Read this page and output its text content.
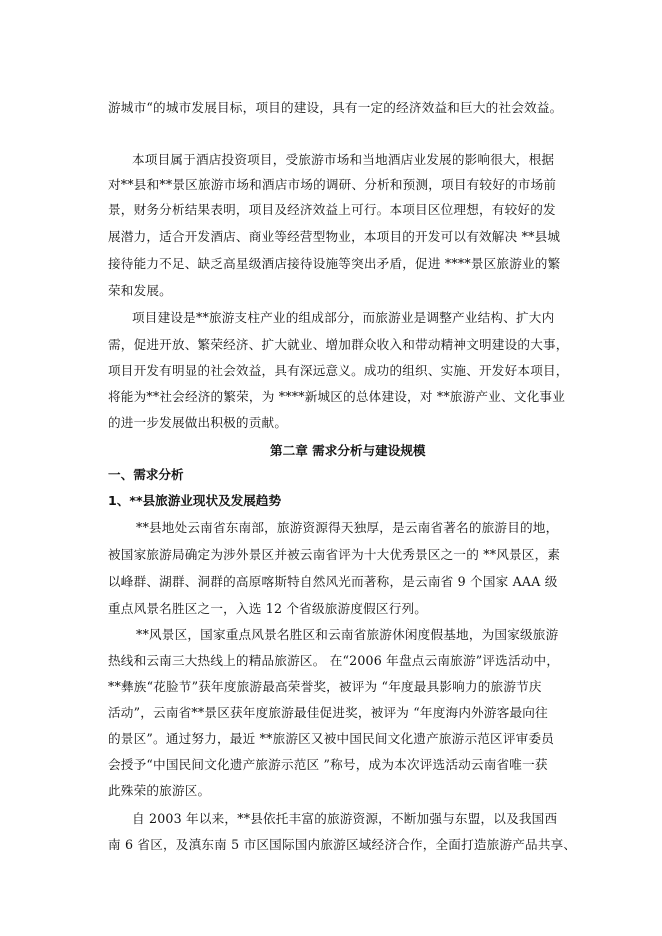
游城市“的城市发展目标，项目的建设，具有一定的经济效益和巨大的社会效益。
本项目属于酒店投资项目，受旅游市场和当地酒店业发展的影响很大，根据
对**县和**景区旅游市场和酒店市场的调研、分析和预测，项目有较好的市场前
景，财务分析结果表明，项目及经济效益上可行。本项目区位理想，有较好的发
展潜力，适合开发酒店、商业等经营型物业，本项目的开发可以有效解决 **县城
接待能力不足、缺乏高星级酒店接待设施等突出矛盾，促进 ****景区旅游业的繁
荣和发展。
项目建设是**旅游支柱产业的组成部分，而旅游业是调整产业结构、扩大内
需，促进开放、繁荣经济、扩大就业、增加群众收入和带动精神文明建设的大事，
项目开发有明显的社会效益，具有深远意义。成功的组织、实施、开发好本项目，
将能为**社会经济的繁荣，为 ****新城区的总体建设，对 **旅游产业、文化事业
的进一步发展做出积极的贡献。
第二章 需求分析与建设规模
一、需求分析
1、**县旅游业现状及发展趋势
**县地处云南省东南部，旅游资源得天独厚，是云南省著名的旅游目的地，
被国家旅游局确定为涉外景区并被云南省评为十大优秀景区之一的 **风景区，素
以峰群、湖群、洞群的高原喀斯特自然风光而著称，是云南省 9 个国家 AAA 级
重点风景名胜区之一，入选 12 个省级旅游度假区行列。
**风景区，国家重点风景名胜区和云南省旅游休闲度假基地，为国家级旅游
热线和云南三大热线上的精品旅游区。 在“2006 年盘点云南旅游”评选活动中，
**彝族“花脸节”获年度旅游最高荣誉奖，被评为 “年度最具影响力的旅游节庆
活动”，云南省**景区获年度旅游最佳促进奖，被评为 “年度海内外游客最向往
的景区”。通过努力，最近 **旅游区又被中国民间文化遗产旅游示范区评审委员
会授予“中国民间文化遗产旅游示范区 ”称号，成为本次评选活动云南省唯一获
此殊荣的旅游区。
自 2003 年以来，**县依托丰富的旅游资源，不断加强与东盟，以及我国西
南 6 省区，及滇东南 5 市区国际国内旅游区域经济合作，全面打造旅游产品共享、
